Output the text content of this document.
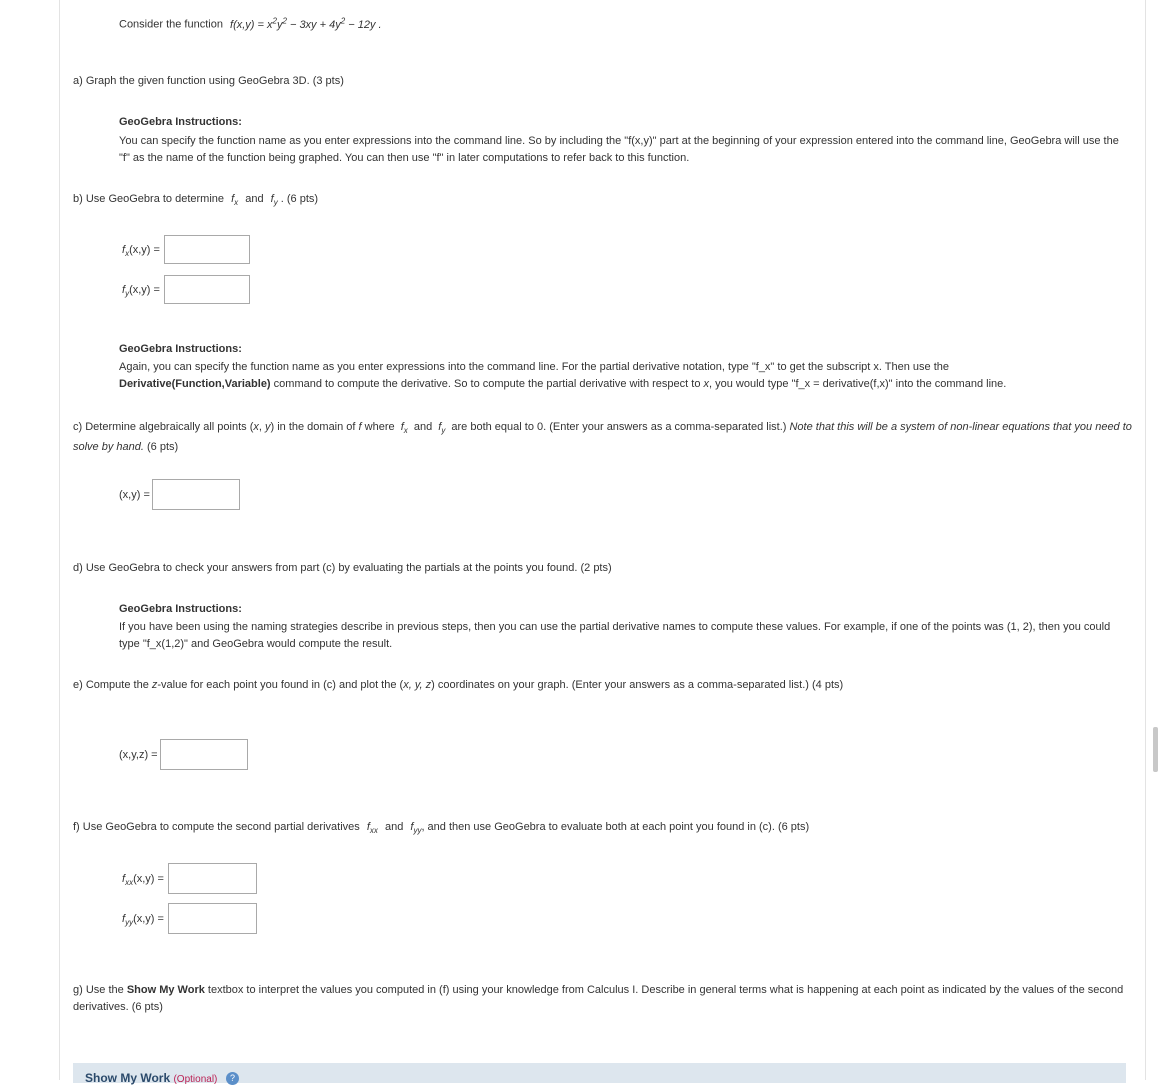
Consider the function $f(x,y) = x^2y^2 - 3xy + 4y^2 - 12y$ .
a) Graph the given function using GeoGebra 3D. (3 pts)
GeoGebra Instructions:
You can specify the function name as you enter expressions into the command line. So by including the "f(x,y)" part at the beginning of your expression entered into the command line, GeoGebra will use the "f" as the name of the function being graphed. You can then use "f" in later computations to refer back to this function.
b) Use GeoGebra to determine $f_x$ and $f_y$ . (6 pts)
$f_x(x,y)$ =
$f_y(x,y)$ =
GeoGebra Instructions:
Again, you can specify the function name as you enter expressions into the command line. For the partial derivative notation, type "f_x" to get the subscript x. Then use the
Derivative(Function,Variable) command to compute the derivative. So to compute the partial derivative with respect to x, you would type "f_x = derivative(f,x)" into the command line.
c) Determine algebraically all points (x, y) in the domain of f where $f_x$ and $f_y$ are both equal to 0. (Enter your answers as a comma-separated list.) Note that this will be a system of non-linear equations that you need to solve by hand. (6 pts)
(x,y) =
d) Use GeoGebra to check your answers from part (c) by evaluating the partials at the points you found. (2 pts)
GeoGebra Instructions:
If you have been using the naming strategies describe in previous steps, then you can use the partial derivative names to compute these values. For example, if one of the points was (1, 2), then you could type "f_x(1,2)" and GeoGebra would compute the result.
e) Compute the z-value for each point you found in (c) and plot the (x, y, z) coordinates on your graph. (Enter your answers as a comma-separated list.) (4 pts)
(x,y,z) =
f) Use GeoGebra to compute the second partial derivatives $f_{xx}$ and $f_{yy}$, and then use GeoGebra to evaluate both at each point you found in (c). (6 pts)
$f_{xx}(x,y)$ =
$f_{yy}(x,y)$ =
g) Use the Show My Work textbox to interpret the values you computed in (f) using your knowledge from Calculus I. Describe in general terms what is happening at each point as indicated by the values of the second derivatives. (6 pts)
Show My Work (Optional)	?
